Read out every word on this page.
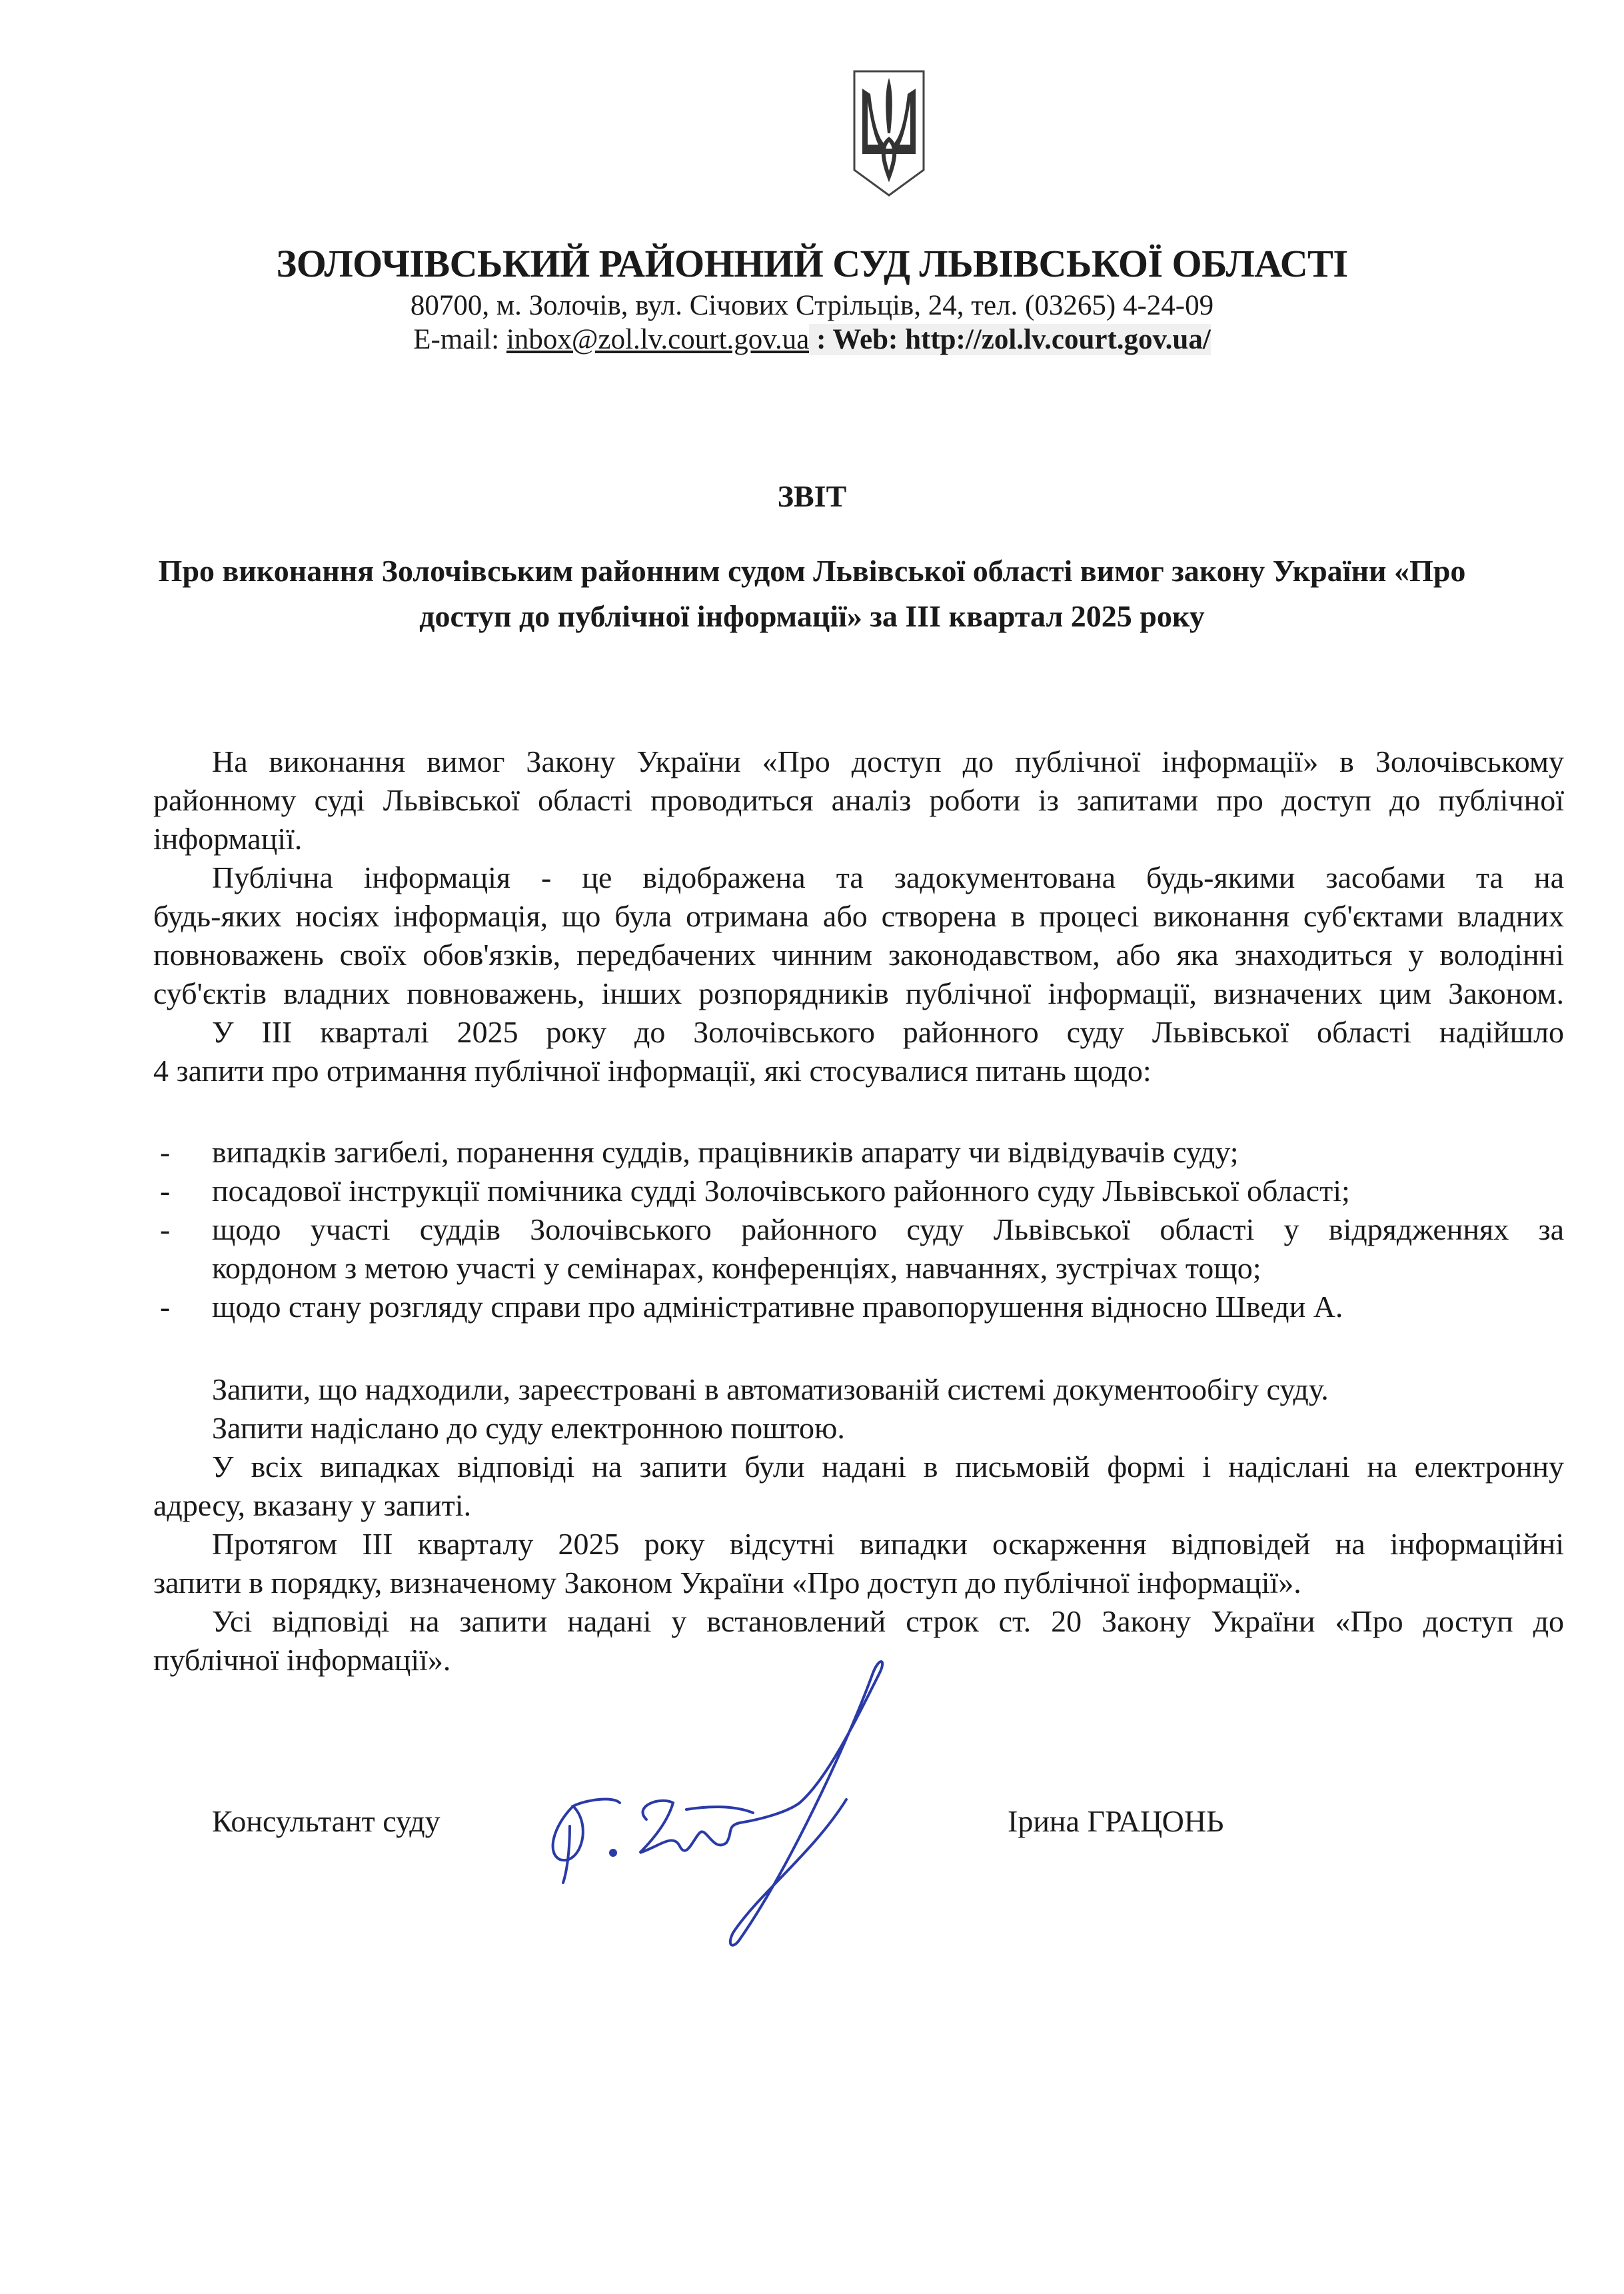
ЗОЛОЧІВСЬКИЙ РАЙОННИЙ СУД ЛЬВІВСЬКОЇ ОБЛАСТІ
80700, м. Золочів, вул. Січових Стрільців, 24, тел. (03265) 4-24-09
E-mail: inbox@zol.lv.court.gov.ua : Web: http://zol.lv.court.gov.ua/
ЗВІТ
Про виконання Золочівським районним судом Львівської області вимог закону України «Про
доступ до публічної інформації» за ІІІ квартал 2025 року
На виконання вимог Закону України «Про доступ до публічної інформації» в Золочівському
районному суді Львівської області проводиться аналіз роботи із запитами про доступ до публічної
інформації.
Публічна інформація - це відображена та задокументована будь-якими засобами та на
будь-яких носіях інформація, що була отримана або створена в процесі виконання суб'єктами владних
повноважень своїх обов'язків, передбачених чинним законодавством, або яка знаходиться у володінні
суб'єктів владних повноважень, інших розпорядників публічної інформації, визначених цим Законом.
У ІІІ кварталі 2025 року до Золочівського районного суду Львівської області надійшло
4 запити про отримання публічної інформації, які стосувалися питань щодо:
- випадків загибелі, поранення суддів, працівників апарату чи відвідувачів суду;
- посадової інструкції помічника судді Золочівського районного суду Львівської області;
- щодо участі суддів Золочівського районного суду Львівської області у відрядженнях за
кордоном з метою участі у семінарах, конференціях, навчаннях, зустрічах тощо;
- щодо стану розгляду справи про адміністративне правопорушення відносно Шведи А.
Запити, що надходили, зареєстровані в автоматизованій системі документообігу суду.
Запити надіслано до суду електронною поштою.
У всіх випадках відповіді на запити були надані в письмовій формі і надіслані на електронну
адресу, вказану у запиті.
Протягом ІІІ кварталу 2025 року відсутні випадки оскарження відповідей на інформаційні
запити в порядку, визначеному Законом України «Про доступ до публічної інформації».
Усі відповіді на запити надані у встановлений строк ст. 20 Закону України «Про доступ до
публічної інформації».
Консультант суду	Ірина ГРАЦОНЬ
